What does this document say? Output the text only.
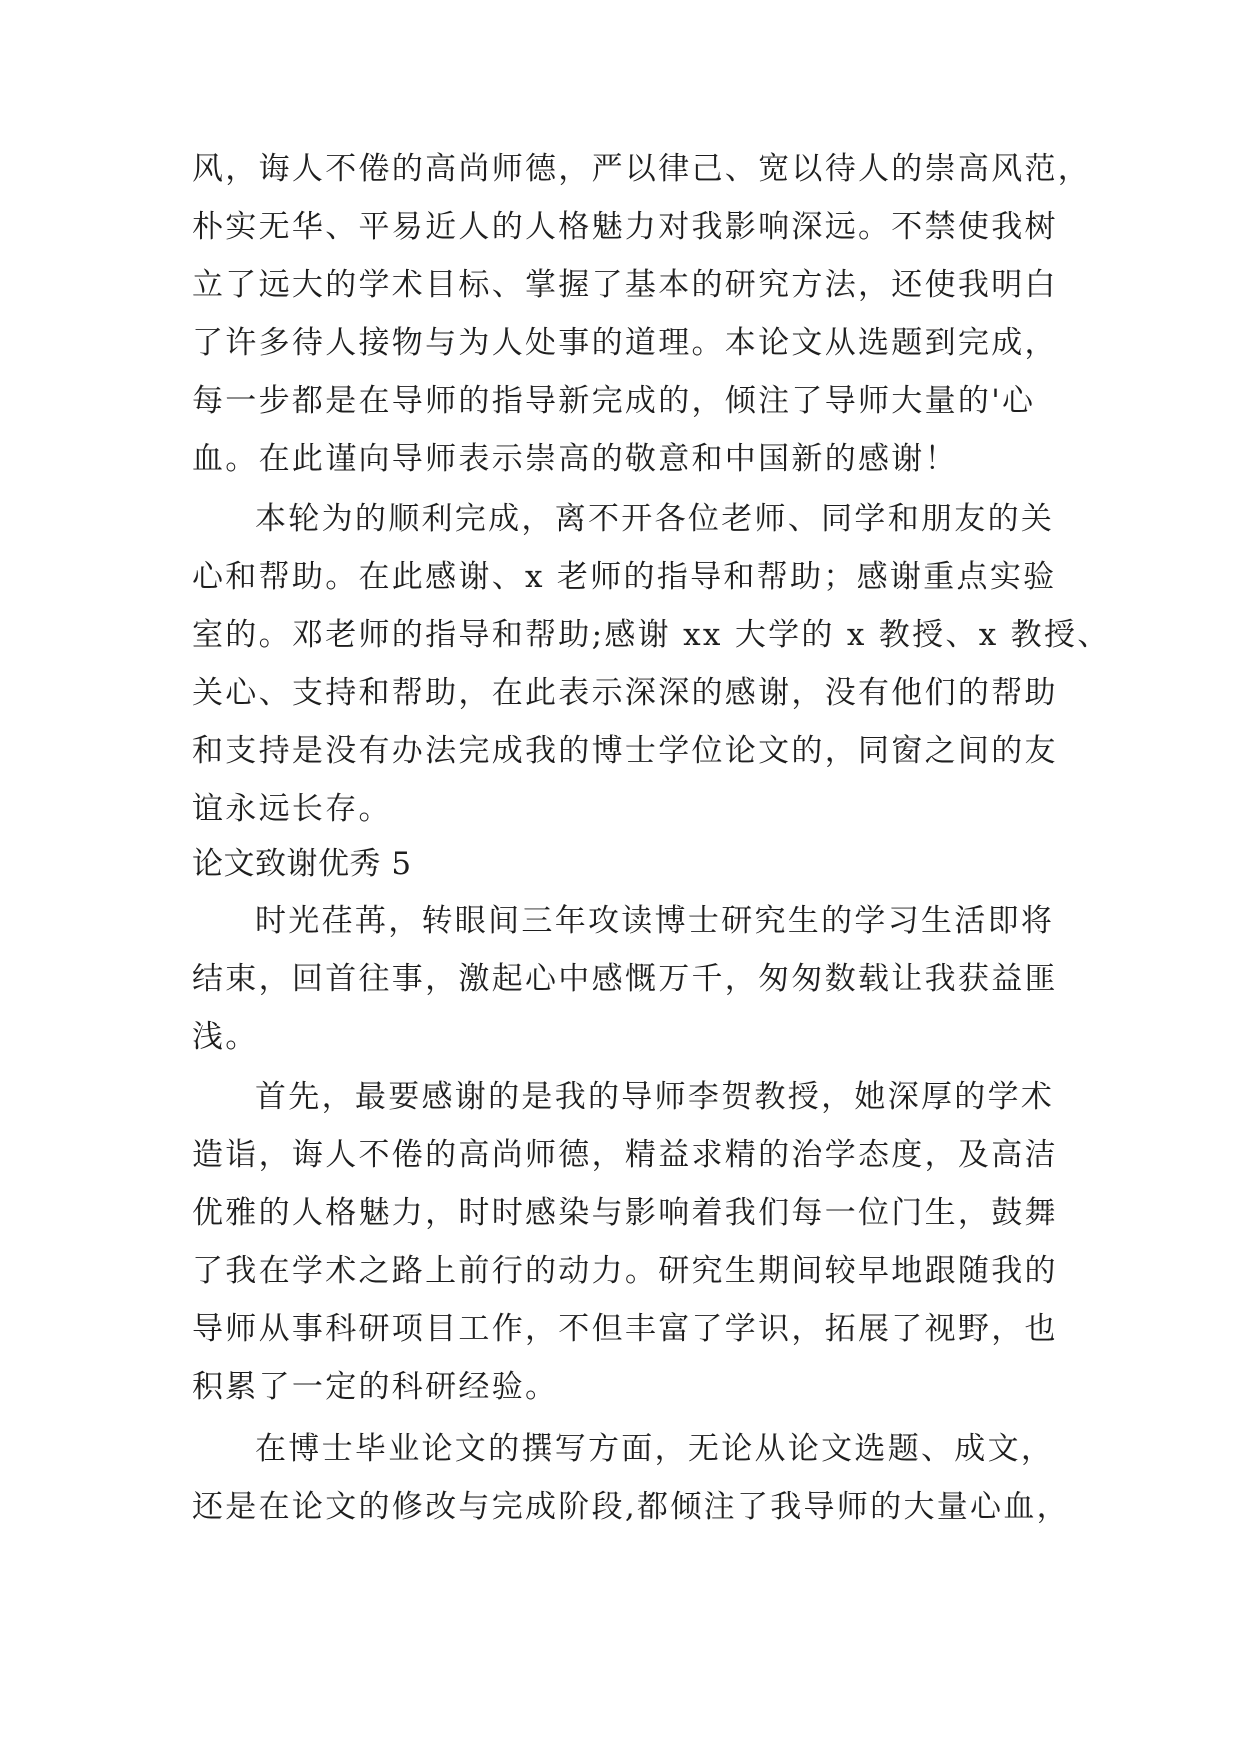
风，诲人不倦的高尚师德，严以律己、宽以待人的崇高风范，
朴实无华、平易近人的人格魅力对我影响深远。不禁使我树
立了远大的学术目标、掌握了基本的研究方法，还使我明白
了许多待人接物与为人处事的道理。本论文从选题到完成，
每一步都是在导师的指导新完成的，倾注了导师大量的'心
血。在此谨向导师表示崇高的敬意和中国新的感谢！
本轮为的顺利完成，离不开各位老师、同学和朋友的关
心和帮助。在此感谢、x 老师的指导和帮助；感谢重点实验
室的。邓老师的指导和帮助;感谢 xx 大学的 x 教授、x 教授、
关心、支持和帮助，在此表示深深的感谢，没有他们的帮助
和支持是没有办法完成我的博士学位论文的，同窗之间的友
谊永远长存。
论文致谢优秀 5
时光荏苒，转眼间三年攻读博士研究生的学习生活即将
结束，回首往事，激起心中感慨万千，匆匆数载让我获益匪
浅。
首先，最要感谢的是我的导师李贺教授，她深厚的学术
造诣，诲人不倦的高尚师德，精益求精的治学态度，及高洁
优雅的人格魅力，时时感染与影响着我们每一位门生，鼓舞
了我在学术之路上前行的动力。研究生期间较早地跟随我的
导师从事科研项目工作，不但丰富了学识，拓展了视野，也
积累了一定的科研经验。
在博士毕业论文的撰写方面，无论从论文选题、成文，
还是在论文的修改与完成阶段,都倾注了我导师的大量心血，
